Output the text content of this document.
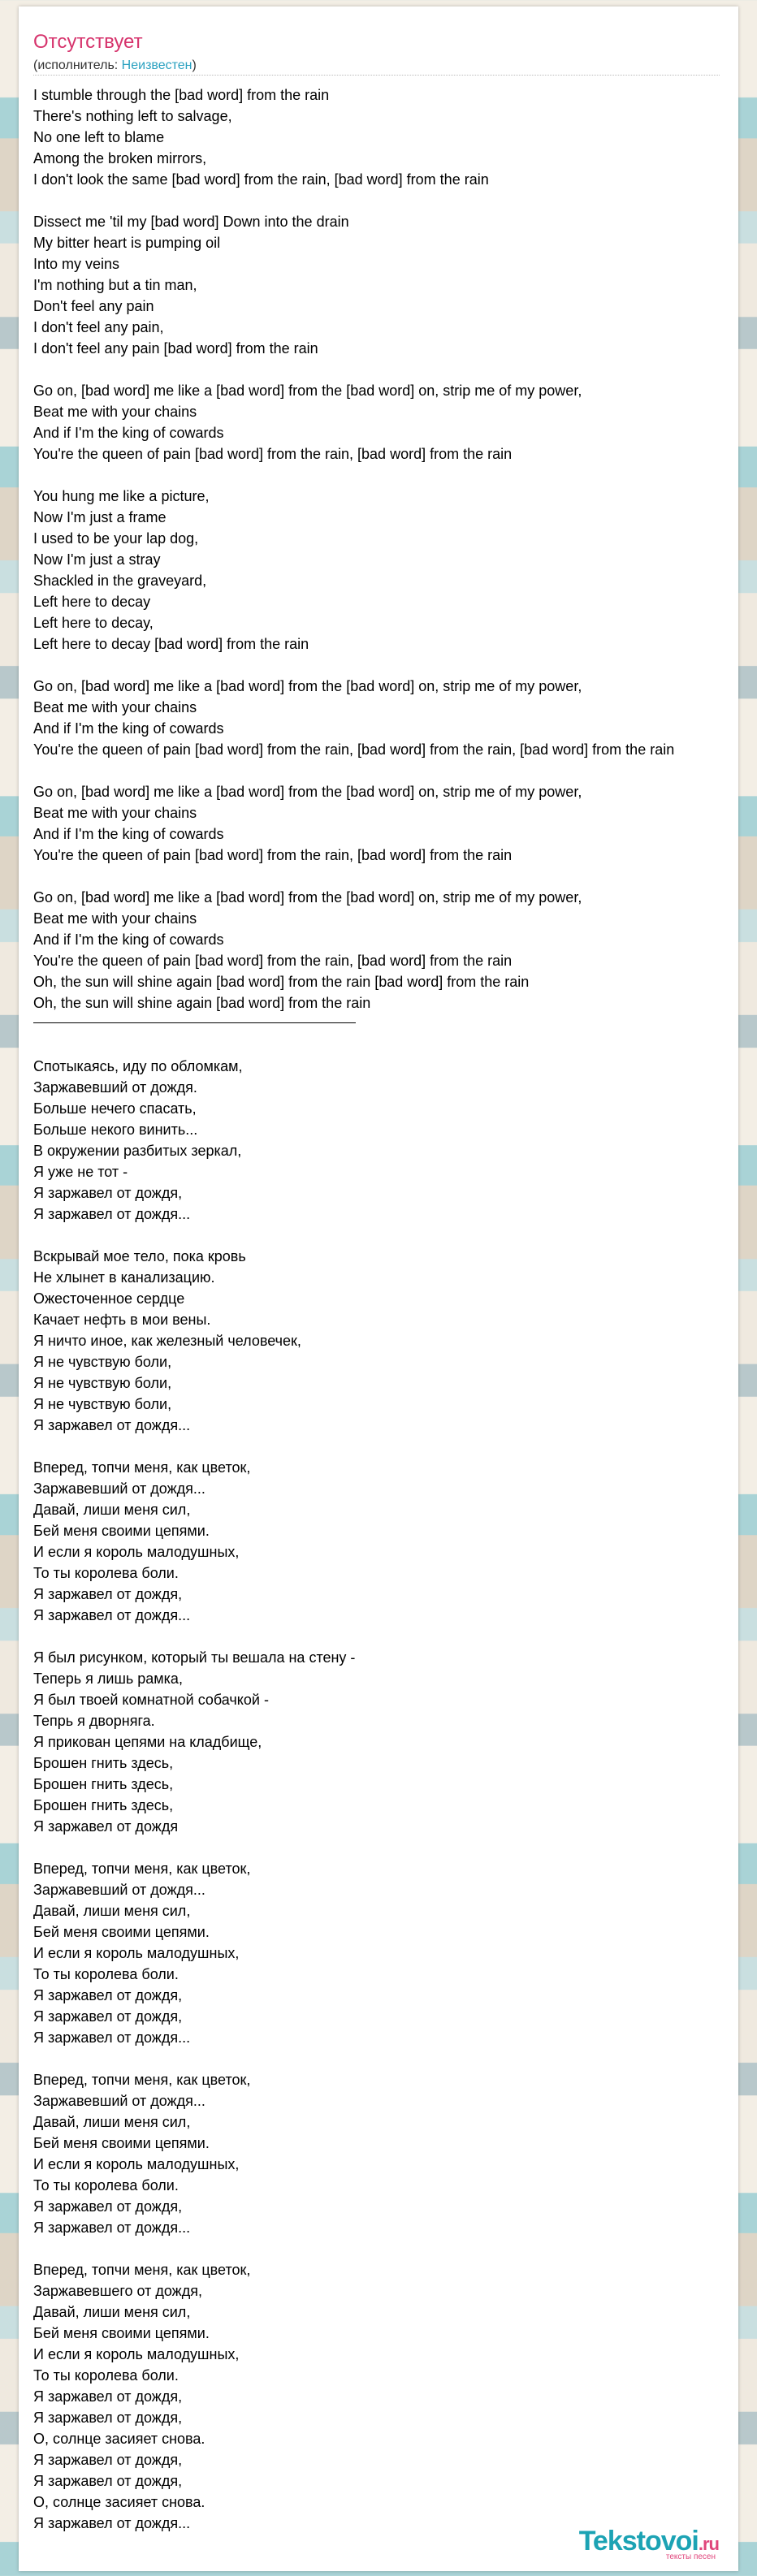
Отсутствует
(исполнитель: Неизвестен)
I stumble through the [bad word] from the rain
There's nothing left to salvage,
No one left to blame
Among the broken mirrors,
I don't look the same [bad word] from the rain, [bad word] from the rain
Dissect me 'til my [bad word] Down into the drain
My bitter heart is pumping oil
Into my veins
I'm nothing but a tin man,
Don't feel any pain
I don't feel any pain,
I don't feel any pain [bad word] from the rain
Go on, [bad word] me like a [bad word] from the [bad word] on, strip me of my power,
Beat me with your chains
And if I'm the king of cowards
You're the queen of pain [bad word] from the rain, [bad word] from the rain
You hung me like a picture,
Now I'm just a frame
I used to be your lap dog,
Now I'm just a stray
Shackled in the graveyard,
Left here to decay
Left here to decay,
Left here to decay [bad word] from the rain
Go on, [bad word] me like a [bad word] from the [bad word] on, strip me of my power,
Beat me with your chains
And if I'm the king of cowards
You're the queen of pain [bad word] from the rain, [bad word] from the rain, [bad word] from the rain
Go on, [bad word] me like a [bad word] from the [bad word] on, strip me of my power,
Beat me with your chains
And if I'm the king of cowards
You're the queen of pain [bad word] from the rain, [bad word] from the rain
Go on, [bad word] me like a [bad word] from the [bad word] on, strip me of my power,
Beat me with your chains
And if I'm the king of cowards
You're the queen of pain [bad word] from the rain, [bad word] from the rain
Oh, the sun will shine again [bad word] from the rain [bad word] from the rain
Oh, the sun will shine again [bad word] from the rain
Спотыкаясь, иду по обломкам,
Заржавевший от дождя.
Больше нечего спасать,
Больше некого винить...
В окружении разбитых зеркал,
Я уже не тот -
Я заржавел от дождя,
Я заржавел от дождя...
Вскрывай мое тело, пока кровь
Не хлынет в канализацию.
Ожесточенное сердце
Качает нефть в мои вены.
Я ничто иное, как железный человечек,
Я не чувствую боли,
Я не чувствую боли,
Я не чувствую боли,
Я заржавел от дождя...
Вперед, топчи меня, как цветок,
Заржавевший от дождя...
Давай, лиши меня сил,
Бей меня своими цепями.
И если я король малодушных,
То ты королева боли.
Я заржавел от дождя,
Я заржавел от дождя...
Я был рисунком, который ты вешала на стену -
Теперь я лишь рамка,
Я был твоей комнатной собачкой -
Тепрь я дворняга.
Я прикован цепями на кладбище,
Брошен гнить здесь,
Брошен гнить здесь,
Брошен гнить здесь,
Я заржавел от дождя
Вперед, топчи меня, как цветок,
Заржавевший от дождя...
Давай, лиши меня сил,
Бей меня своими цепями.
И если я король малодушных,
То ты королева боли.
Я заржавел от дождя,
Я заржавел от дождя,
Я заржавел от дождя...
Вперед, топчи меня, как цветок,
Заржавевший от дождя...
Давай, лиши меня сил,
Бей меня своими цепями.
И если я король малодушных,
То ты королева боли.
Я заржавел от дождя,
Я заржавел от дождя...
Вперед, топчи меня, как цветок,
Заржавевшего от дождя,
Давай, лиши меня сил,
Бей меня своими цепями.
И если я король малодушных,
То ты королева боли.
Я заржавел от дождя,
Я заржавел от дождя,
О, солнце засияет снова.
Я заржавел от дождя,
Я заржавел от дождя,
О, солнце засияет снова.
Я заржавел от дождя...
Tekstovoi.ru
тексты песен
